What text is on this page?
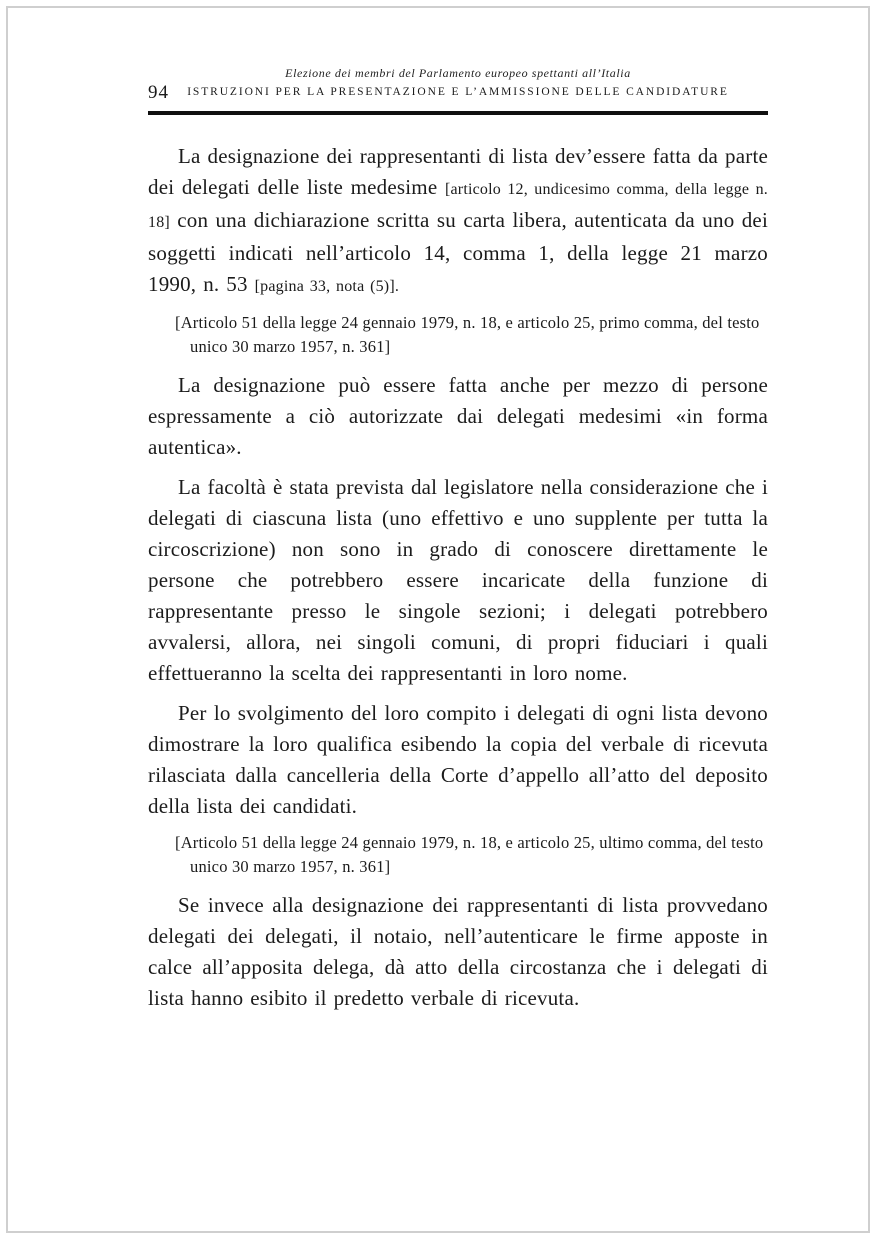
Elezione dei membri del Parlamento europeo spettanti all’Italia
94	ISTRUZIONI PER LA PRESENTAZIONE E L’AMMISSIONE DELLE CANDIDATURE

La designazione dei rappresentanti di lista dev’essere fatta da parte dei delegati delle liste medesime [articolo 12, undicesimo comma, della legge n. 18] con una dichiarazione scritta su carta libera, autenticata da uno dei soggetti indicati nell’articolo 14, comma 1, della legge 21 marzo 1990, n. 53 [pagina 33, nota (5)].

[Articolo 51 della legge 24 gennaio 1979, n. 18, e articolo 25, primo comma, del testo unico 30 marzo 1957, n. 361]

La designazione può essere fatta anche per mezzo di persone espressamente a ciò autorizzate dai delegati medesimi «in forma autentica».

La facoltà è stata prevista dal legislatore nella considerazione che i delegati di ciascuna lista (uno effettivo e uno supplente per tutta la circoscrizione) non sono in grado di conoscere direttamente le persone che potrebbero essere incaricate della funzione di rappresentante presso le singole sezioni; i delegati potrebbero avvalersi, allora, nei singoli comuni, di propri fiduciari i quali effettueranno la scelta dei rappresentanti in loro nome.

Per lo svolgimento del loro compito i delegati di ogni lista devono dimostrare la loro qualifica esibendo la copia del verbale di ricevuta rilasciata dalla cancelleria della Corte d’appello all’atto del deposito della lista dei candidati.

[Articolo 51 della legge 24 gennaio 1979, n. 18, e articolo 25, ultimo comma, del testo unico 30 marzo 1957, n. 361]

Se invece alla designazione dei rappresentanti di lista provvedano delegati dei delegati, il notaio, nell’autenticare le firme apposte in calce all’apposita delega, dà atto della circostanza che i delegati di lista hanno esibito il predetto verbale di ricevuta.
